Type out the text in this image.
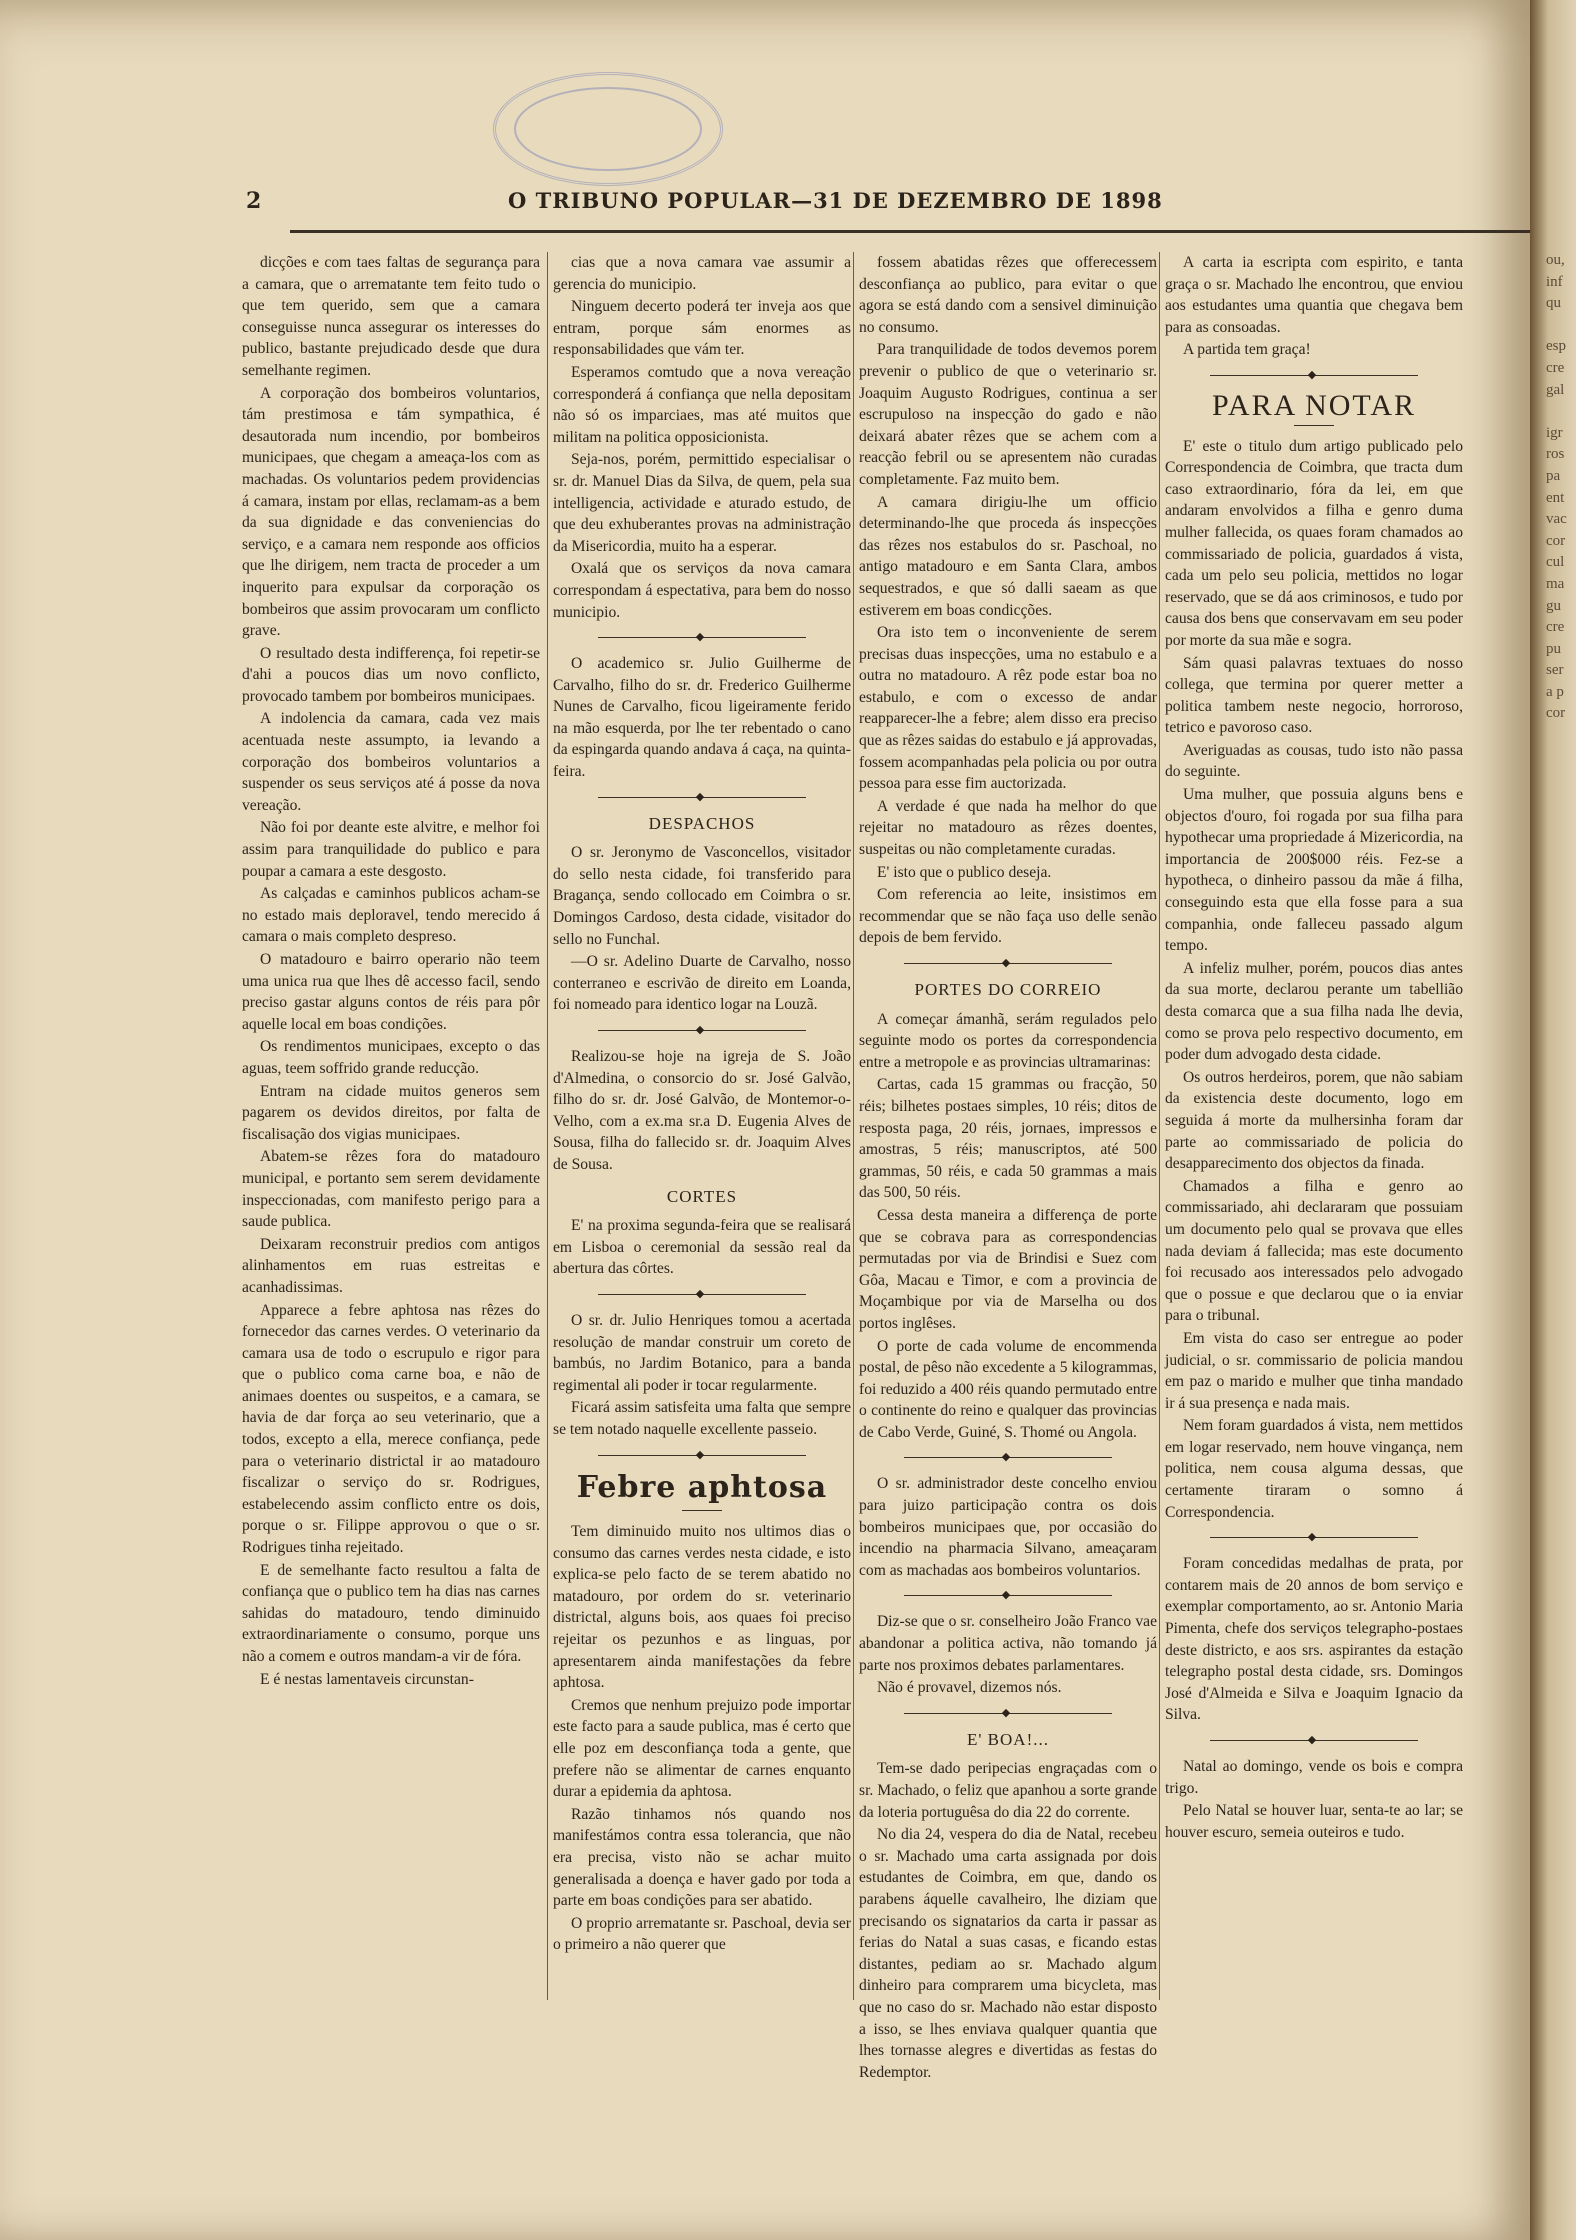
2	O TRIBUNO POPULAR—31 DE DEZEMBRO DE 1898

dicções e com taes faltas de segurança para a camara, que o arrematante tem feito tudo o que tem querido, sem que a camara conseguisse nunca assegurar os interesses do publico, bastante prejudicado desde que dura semelhante regimen.

A corporação dos bombeiros voluntarios, tám prestimosa e tám sympathica, é desautorada num incendio, por bombeiros municipaes, que chegam a ameaça-los com as machadas. Os voluntarios pedem providencias á camara, instam por ellas, reclamam-as a bem da sua dignidade e das conveniencias do serviço, e a camara nem responde aos officios que lhe dirigem, nem tracta de proceder a um inquerito para expulsar da corporação os bombeiros que assim provocaram um conflicto grave.

O resultado desta indifferença, foi repetir-se d'ahi a poucos dias um novo conflicto, provocado tambem por bombeiros municipaes.

A indolencia da camara, cada vez mais acentuada neste assumpto, ia levando a corporação dos bombeiros voluntarios a suspender os seus serviços até á posse da nova vereação.

Não foi por deante este alvitre, e melhor foi assim para tranquilidade do publico e para poupar a camara a este desgosto.

As calçadas e caminhos publicos acham-se no estado mais deploravel, tendo merecido á camara o mais completo despreso.

O matadouro e bairro operario não teem uma unica rua que lhes dê accesso facil, sendo preciso gastar alguns contos de réis para pôr aquelle local em boas condições.

Os rendimentos municipaes, excepto o das aguas, teem soffrido grande reducção.

Entram na cidade muitos generos sem pagarem os devidos direitos, por falta de fiscalisação dos vigias municipaes.

Abatem-se rêzes fora do matadouro municipal, e portanto sem serem devidamente inspeccionadas, com manifesto perigo para a saude publica.

Deixaram reconstruir predios com antigos alinhamentos em ruas estreitas e acanhadissimas.

Apparece a febre aphtosa nas rêzes do fornecedor das carnes verdes. O veterinario da camara usa de todo o escrupulo e rigor para que o publico coma carne boa, e não de animaes doentes ou suspeitos, e a camara, se havia de dar força ao seu veterinario, que a todos, excepto a ella, merece confiança, pede para o veterinario districtal ir ao matadouro fiscalizar o serviço do sr. Rodrigues, estabelecendo assim conflicto entre os dois, porque o sr. Filippe approvou o que o sr. Rodrigues tinha rejeitado.

E de semelhante facto resultou a falta de confiança que o publico tem ha dias nas carnes sahidas do matadouro, tendo diminuido extraordinariamente o consumo, porque uns não a comem e outros mandam-a vir de fóra.

E é nestas lamentaveis circunstan-

cias que a nova camara vae assumir a gerencia do municipio.

Ninguem decerto poderá ter inveja aos que entram, porque sám enormes as responsabilidades que vám ter.

Esperamos comtudo que a nova vereação corresponderá á confiança que nella depositam não só os imparciaes, mas até muitos que militam na politica opposicionista.

Seja-nos, porém, permittido especialisar o sr. dr. Manuel Dias da Silva, de quem, pela sua intelligencia, actividade e aturado estudo, de que deu exhuberantes provas na administração da Misericordia, muito ha a esperar.

Oxalá que os serviços da nova camara correspondam á espectativa, para bem do nosso municipio.

◆

O academico sr. Julio Guilherme de Carvalho, filho do sr. dr. Frederico Guilherme Nunes de Carvalho, ficou ligeiramente ferido na mão esquerda, por lhe ter rebentado o cano da espingarda quando andava á caça, na quinta-feira.

◆
DESPACHOS

O sr. Jeronymo de Vasconcellos, visitador do sello nesta cidade, foi transferido para Bragança, sendo collocado em Coimbra o sr. Domingos Cardoso, desta cidade, visitador do sello no Funchal.

—O sr. Adelino Duarte de Carvalho, nosso conterraneo e escrivão de direito em Loanda, foi nomeado para identico logar na Louzã.

◆

Realizou-se hoje na igreja de S. João d'Almedina, o consorcio do sr. José Galvão, filho do sr. dr. José Galvão, de Montemor-o-Velho, com a ex.ma sr.a D. Eugenia Alves de Sousa, filha do fallecido sr. dr. Joaquim Alves de Sousa.

CORTES

E' na proxima segunda-feira que se realisará em Lisboa o ceremonial da sessão real da abertura das côrtes.

◆

O sr. dr. Julio Henriques tomou a acertada resolução de mandar construir um coreto de bambús, no Jardim Botanico, para a banda regimental ali poder ir tocar regularmente.

Ficará assim satisfeita uma falta que sempre se tem notado naquelle excellente passeio.

◆
Febre aphtosa

Tem diminuido muito nos ultimos dias o consumo das carnes verdes nesta cidade, e isto explica-se pelo facto de se terem abatido no matadouro, por ordem do sr. veterinario districtal, alguns bois, aos quaes foi preciso rejeitar os pezunhos e as linguas, por apresentarem ainda manifestações da febre aphtosa.

Cremos que nenhum prejuizo pode importar este facto para a saude publica, mas é certo que elle poz em desconfiança toda a gente, que prefere não se alimentar de carnes enquanto durar a epidemia da aphtosa.

Razão tinhamos nós quando nos manifestámos contra essa tolerancia, que não era precisa, visto não se achar muito generalisada a doença e haver gado por toda a parte em boas condições para ser abatido.

O proprio arrematante sr. Paschoal, devia ser o primeiro a não querer que

fossem abatidas rêzes que offerecessem desconfiança ao publico, para evitar o que agora se está dando com a sensivel diminuição no consumo.

Para tranquilidade de todos devemos porem prevenir o publico de que o veterinario sr. Joaquim Augusto Rodrigues, continua a ser escrupuloso na inspecção do gado e não deixará abater rêzes que se achem com a reacção febril ou se apresentem não curadas completamente. Faz muito bem.

A camara dirigiu-lhe um officio determinando-lhe que proceda ás inspecções das rêzes nos estabulos do sr. Paschoal, no antigo matadouro e em Santa Clara, ambos sequestrados, e que só dalli saeam as que estiverem em boas condicções.

Ora isto tem o inconveniente de serem precisas duas inspecções, uma no estabulo e a outra no matadouro. A rêz pode estar boa no estabulo, e com o excesso de andar reapparecer-lhe a febre; alem disso era preciso que as rêzes saidas do estabulo e já approvadas, fossem acompanhadas pela policia ou por outra pessoa para esse fim auctorizada.

A verdade é que nada ha melhor do que rejeitar no matadouro as rêzes doentes, suspeitas ou não completamente curadas.

E' isto que o publico deseja.

Com referencia ao leite, insistimos em recommendar que se não faça uso delle senão depois de bem fervido.

◆
PORTES DO CORREIO

A começar ámanhã, serám regulados pelo seguinte modo os portes da correspondencia entre a metropole e as provincias ultramarinas:

Cartas, cada 15 grammas ou fracção, 50 réis; bilhetes postaes simples, 10 réis; ditos de resposta paga, 20 réis, jornaes, impressos e amostras, 5 réis; manuscriptos, até 500 grammas, 50 réis, e cada 50 grammas a mais das 500, 50 réis.

Cessa desta maneira a differença de porte que se cobrava para as correspondencias permutadas por via de Brindisi e Suez com Gôa, Macau e Timor, e com a provincia de Moçambique por via de Marselha ou dos portos inglêses.

O porte de cada volume de encommenda postal, de pêso não excedente a 5 kilogrammas, foi reduzido a 400 réis quando permutado entre o continente do reino e qualquer das provincias de Cabo Verde, Guiné, S. Thomé ou Angola.

◆

O sr. administrador deste concelho enviou para juizo participação contra os dois bombeiros municipaes que, por occasião do incendio na pharmacia Silvano, ameaçaram com as machadas aos bombeiros voluntarios.

◆

Diz-se que o sr. conselheiro João Franco vae abandonar a politica activa, não tomando já parte nos proximos debates parlamentares.

Não é provavel, dizemos nós.

◆
E' BOA!...

Tem-se dado peripecias engraçadas com o sr. Machado, o feliz que apanhou a sorte grande da loteria portuguêsa do dia 22 do corrente.

No dia 24, vespera do dia de Natal, recebeu o sr. Machado uma carta assignada por dois estudantes de Coimbra, em que, dando os parabens áquelle cavalheiro, lhe diziam que precisando os signatarios da carta ir passar as ferias do Natal a suas casas, e ficando estas distantes, pediam ao sr. Machado algum dinheiro para comprarem uma bicycleta, mas que no caso do sr. Machado não estar disposto a isso, se lhes enviava qualquer quantia que lhes tornasse alegres e divertidas as festas do Redemptor.

A carta ia escripta com espirito, e tanta graça o sr. Machado lhe encontrou, que enviou aos estudantes uma quantia que chegava bem para as consoadas.

A partida tem graça!

◆
PARA NOTAR

E' este o titulo dum artigo publicado pelo Correspondencia de Coimbra, que tracta dum caso extraordinario, fóra da lei, em que andaram envolvidos a filha e genro duma mulher fallecida, os quaes foram chamados ao commissariado de policia, guardados á vista, cada um pelo seu policia, mettidos no logar reservado, que se dá aos criminosos, e tudo por causa dos bens que conservavam em seu poder por morte da sua mãe e sogra.

Sám quasi palavras textuaes do nosso collega, que termina por querer metter a politica tambem neste negocio, horroroso, tetrico e pavoroso caso.

Averiguadas as cousas, tudo isto não passa do seguinte.

Uma mulher, que possuia alguns bens e objectos d'ouro, foi rogada por sua filha para hypothecar uma propriedade á Mizericordia, na importancia de 200$000 réis. Fez-se a hypotheca, o dinheiro passou da mãe á filha, conseguindo esta que ella fosse para a sua companhia, onde falleceu passado algum tempo.

A infeliz mulher, porém, poucos dias antes da sua morte, declarou perante um tabellião desta comarca que a sua filha nada lhe devia, como se prova pelo respectivo documento, em poder dum advogado desta cidade.

Os outros herdeiros, porem, que não sabiam da existencia deste documento, logo em seguida á morte da mulhersinha foram dar parte ao commissariado de policia do desapparecimento dos objectos da finada.

Chamados a filha e genro ao commissariado, ahi declararam que possuiam um documento pelo qual se provava que elles nada deviam á fallecida; mas este documento foi recusado aos interessados pelo advogado que o possue e que declarou que o ia enviar para o tribunal.

Em vista do caso ser entregue ao poder judicial, o sr. commissario de policia mandou em paz o marido e mulher que tinha mandado ir á sua presença e nada mais.

Nem foram guardados á vista, nem mettidos em logar reservado, nem houve vingança, nem politica, nem cousa alguma dessas, que certamente tiraram o somno á Correspondencia.

◆

Foram concedidas medalhas de prata, por contarem mais de 20 annos de bom serviço e exemplar comportamento, ao sr. Antonio Maria Pimenta, chefe dos serviços telegrapho-postaes deste districto, e aos srs. aspirantes da estação telegrapho postal desta cidade, srs. Domingos José d'Almeida e Silva e Joaquim Ignacio da Silva.

◆

Natal ao domingo, vende os bois e compra trigo.

Pelo Natal se houver luar, senta-te ao lar; se houver escuro, semeia outeiros e tudo.

ou,
inf
qu
esp
cre
gal
igr
ros
pa
ent
vac
cor
cul
ma
gu
cre
pu
ser
a p
cor
